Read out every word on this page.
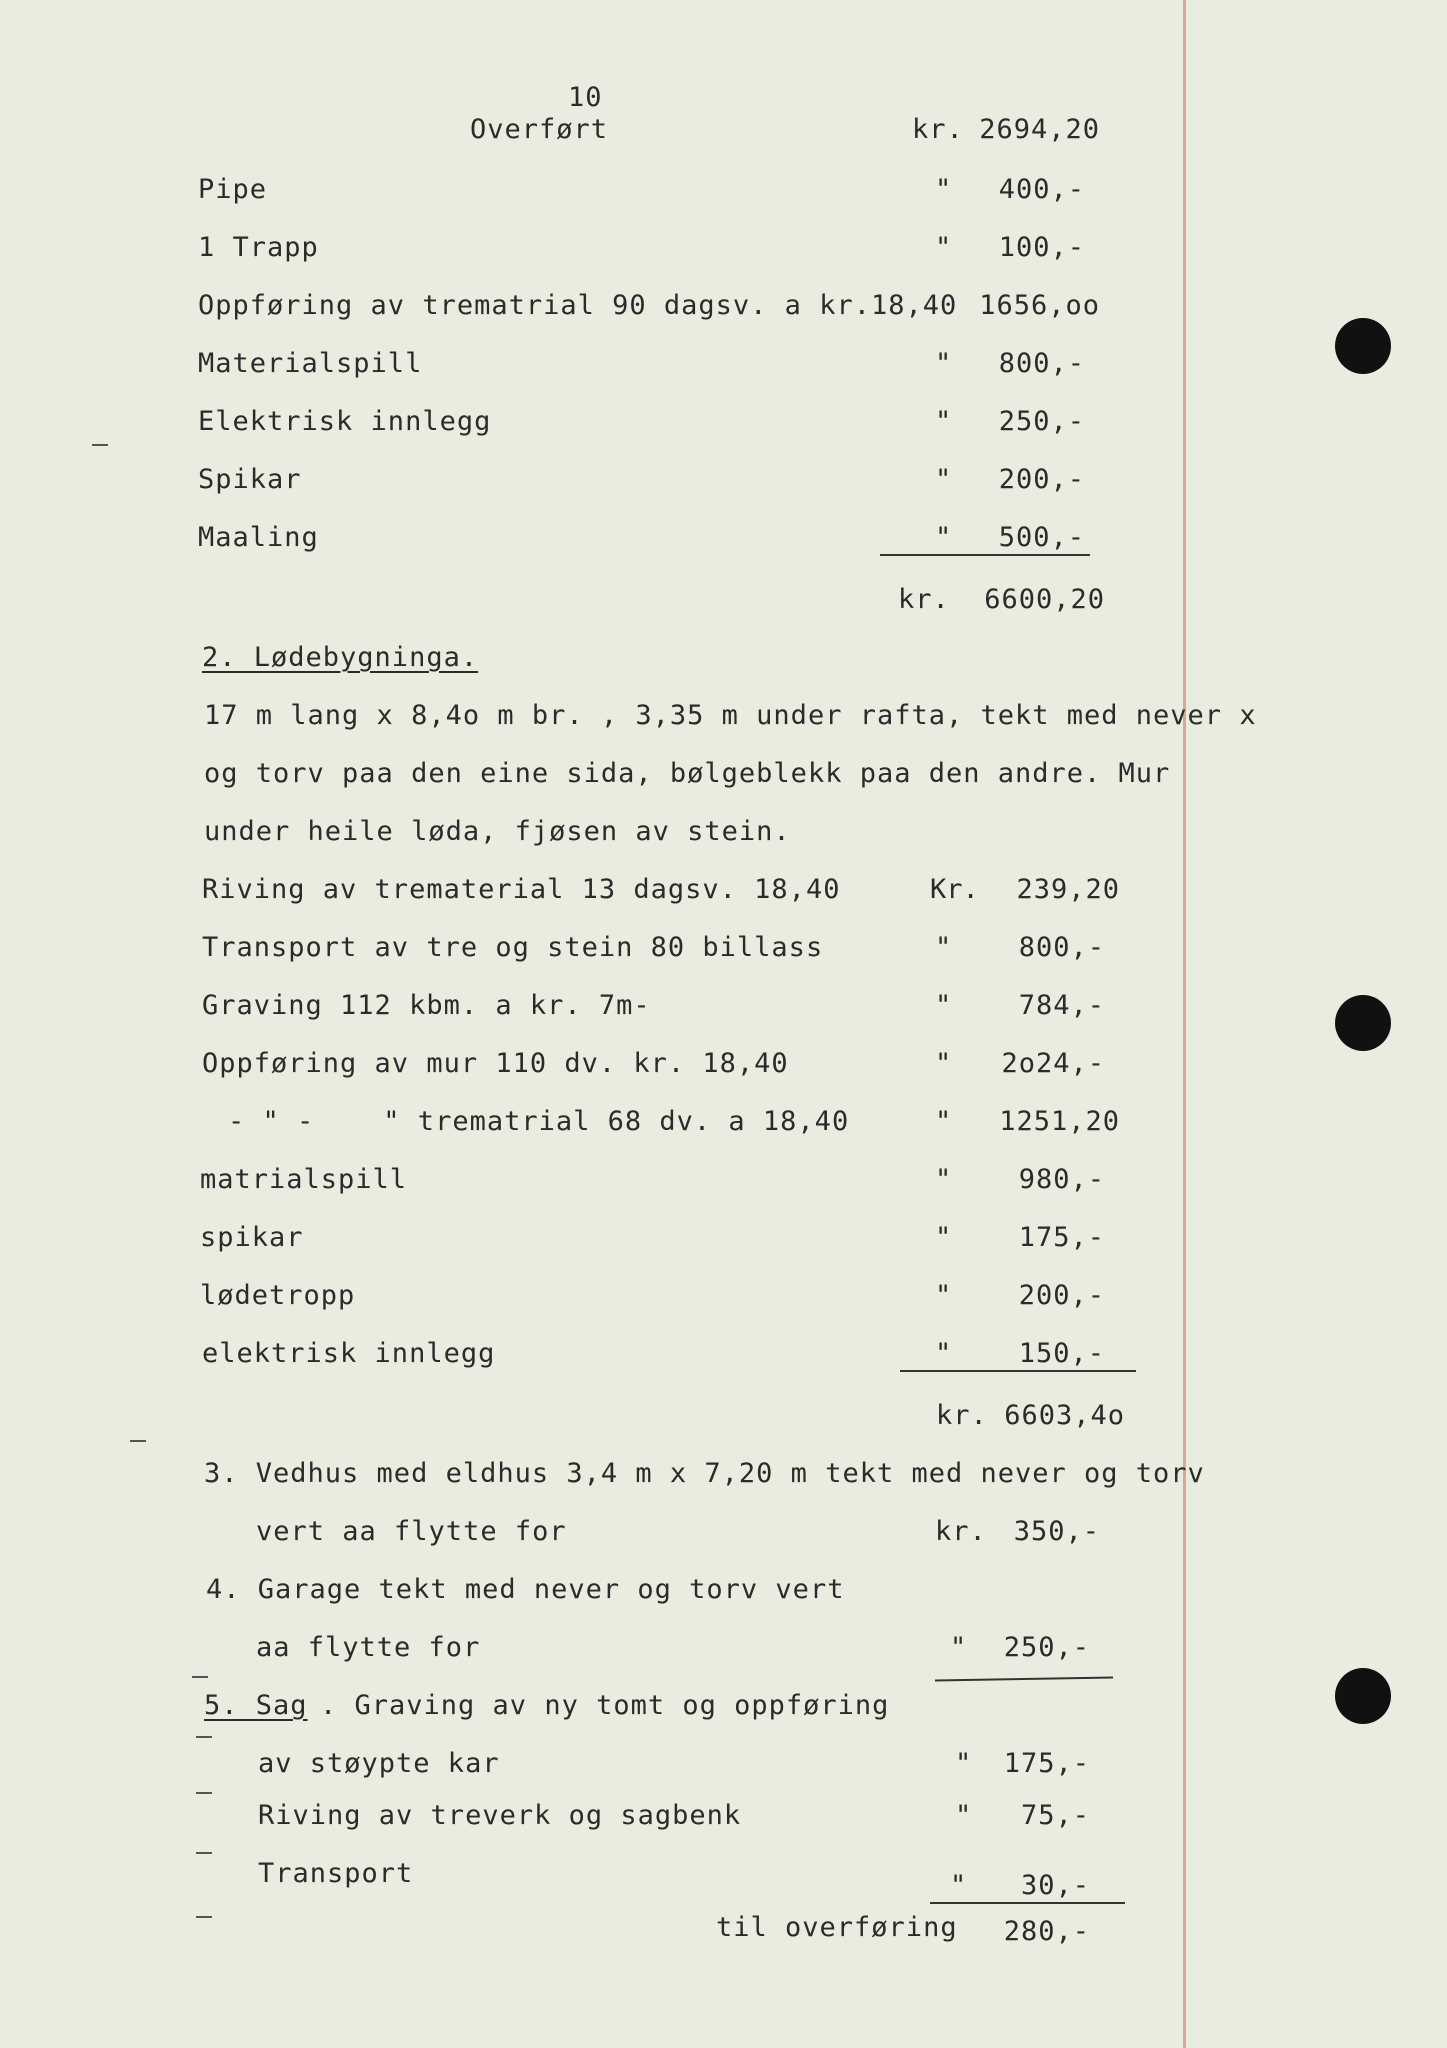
10
Overført	kr. 2694,20
Pipe	"	400,-
1 Trapp	"	100,-
Oppføring av trematrial 90 dagsv. a kr.18,40 1656,oo
Materialspill	"	800,-
Elektrisk innlegg	"	250,-
Spikar	"	200,-
Maaling	"	500,-
kr.	6600,20
2. Lødebygninga.
17 m lang x 8,4o m br. , 3,35 m under rafta, tekt med never x
og torv paa den eine sida, bølgeblekk paa den andre. Mur
under heile løda, fjøsen av stein.
Riving av trematerial 13 dagsv. 18,40	Kr.	239,20
Transport av tre og stein 80 billass	"	800,-
Graving 112 kbm. a kr. 7m-	"	784,-
Oppføring av mur 110 dv. kr. 18,40	"	2o24,-
- " -    " trematrial 68 dv. a 18,40	"	1251,20
matrialspill	"	980,-
spikar	"	175,-
lødetropp	"	200,-
elektrisk innlegg	"	150,-
kr. 6603,4o
3. Vedhus med eldhus 3,4 m x 7,20 m tekt med never og torv
vert aa flytte for	kr. 350,-
4. Garage tekt med never og torv vert
aa flytte for	"	250,-
5. Sag . Graving av ny tomt og oppføring
av støypte kar	"	175,-
Riving av treverk og sagbenk	"	75,-
Transport	"	30,-
til overføring	280,-
